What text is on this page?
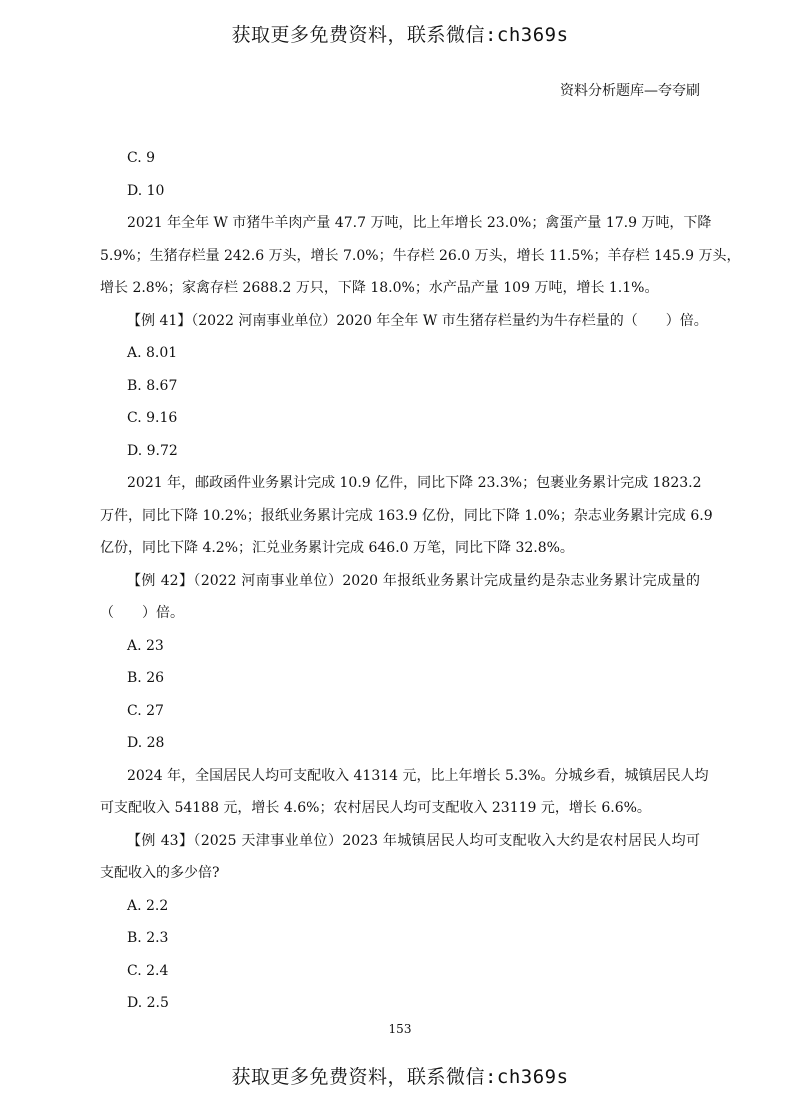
获取更多免费资料，联系微信:ch369s
资料分析题库—夸夸刷
C. 9
D. 10
2021 年全年 W 市猪牛羊肉产量 47.7 万吨，比上年增长 23.0%；禽蛋产量 17.9 万吨，下降
5.9%；生猪存栏量 242.6 万头，增长 7.0%；牛存栏 26.0 万头，增长 11.5%；羊存栏 145.9 万头，
增长 2.8%；家禽存栏 2688.2 万只，下降 18.0%；水产品产量 109 万吨，增长 1.1%。
【例 41】（2022 河南事业单位）2020 年全年 W 市生猪存栏量约为牛存栏量的（　　）倍。
A. 8.01
B. 8.67
C. 9.16
D. 9.72
2021 年，邮政函件业务累计完成 10.9 亿件，同比下降 23.3%；包裹业务累计完成 1823.2
万件，同比下降 10.2%；报纸业务累计完成 163.9 亿份，同比下降 1.0%；杂志业务累计完成 6.9
亿份，同比下降 4.2%；汇兑业务累计完成 646.0 万笔，同比下降 32.8%。
【例 42】（2022 河南事业单位）2020 年报纸业务累计完成量约是杂志业务累计完成量的
（　　）倍。
A. 23
B. 26
C. 27
D. 28
2024 年，全国居民人均可支配收入 41314 元，比上年增长 5.3%。分城乡看，城镇居民人均
可支配收入 54188 元，增长 4.6%；农村居民人均可支配收入 23119 元，增长 6.6%。
【例 43】（2025 天津事业单位）2023 年城镇居民人均可支配收入大约是农村居民人均可
支配收入的多少倍?
A. 2.2
B. 2.3
C. 2.4
D. 2.5
153
获取更多免费资料，联系微信:ch369s
